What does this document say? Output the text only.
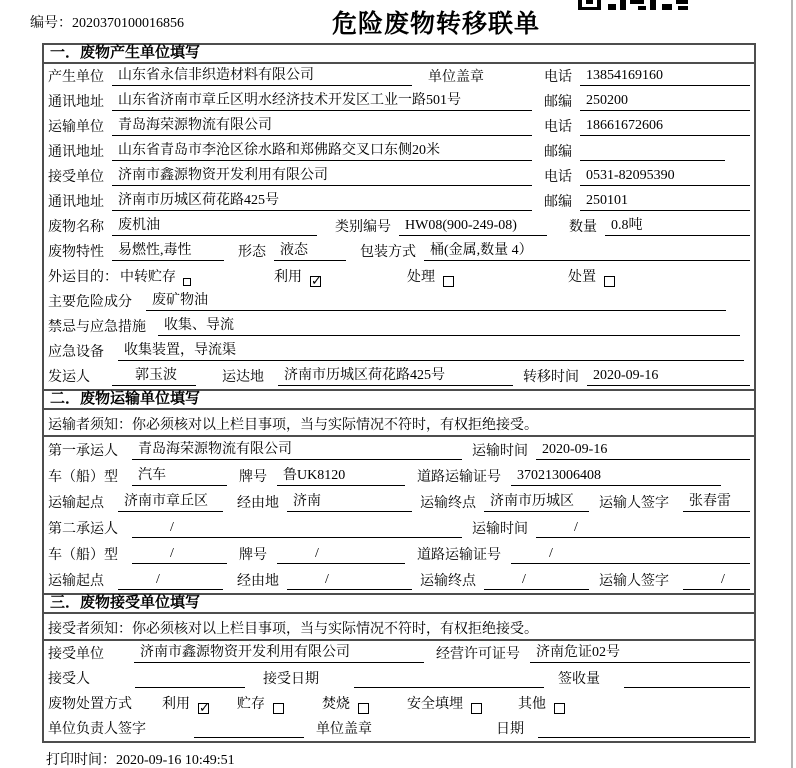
编号：2020370100016856	危险废物转移联单
一．废物产生单位填写
产生单位	山东省永信非织造材料有限公司	单位盖章	电话	13854169160
通讯地址	山东省济南市章丘区明水经济技术开发区工业一路501号	邮编	250200
运输单位	青岛海荣源物流有限公司	电话	18661672606
通讯地址	山东省青岛市李沧区徐水路和郑佛路交叉口东侧20米	邮编
接受单位	济南市鑫源物资开发利用有限公司	电话	0531-82095390
通讯地址	济南市历城区荷花路425号	邮编	250101
废物名称	废机油	类别编号	HW08(900-249-08)	数量	0.8吨
废物特性	易燃性,毒性	形态	液态	包装方式	桶(金属,数量 4）
外运目的： 中转贮存	利用 ✓	处理	处置
主要危险成分	废矿物油
禁忌与应急措施	收集、导流
应急设备	收集装置，导流渠
发运人	郭玉波	运达地	济南市历城区荷花路425号	转移时间	2020-09-16
二．废物运输单位填写
运输者须知：你必须核对以上栏目事项，当与实际情况不符时，有权拒绝接受。
第一承运人	青岛海荣源物流有限公司	运输时间	2020-09-16
车（船）型	汽车	牌号	鲁UK8120	道路运输证号	370213006408
运输起点	济南市章丘区	经由地	济南	运输终点	济南市历城区	运输人签字	张春雷
第二承运人	/	运输时间	/
车（船）型	/	牌号	/	道路运输证号	/
运输起点	/	经由地	/	运输终点	/	运输人签字	/
三．废物接受单位填写
接受者须知：你必须核对以上栏目事项，当与实际情况不符时，有权拒绝接受。
接受单位	济南市鑫源物资开发利用有限公司	经营许可证号	济南危证02号
接受人	接受日期	签收量
废物处置方式 利用 ✓	贮存	焚烧	安全填埋	其他
单位负责人签字	单位盖章	日期
打印时间：2020-09-16 10:49:51
